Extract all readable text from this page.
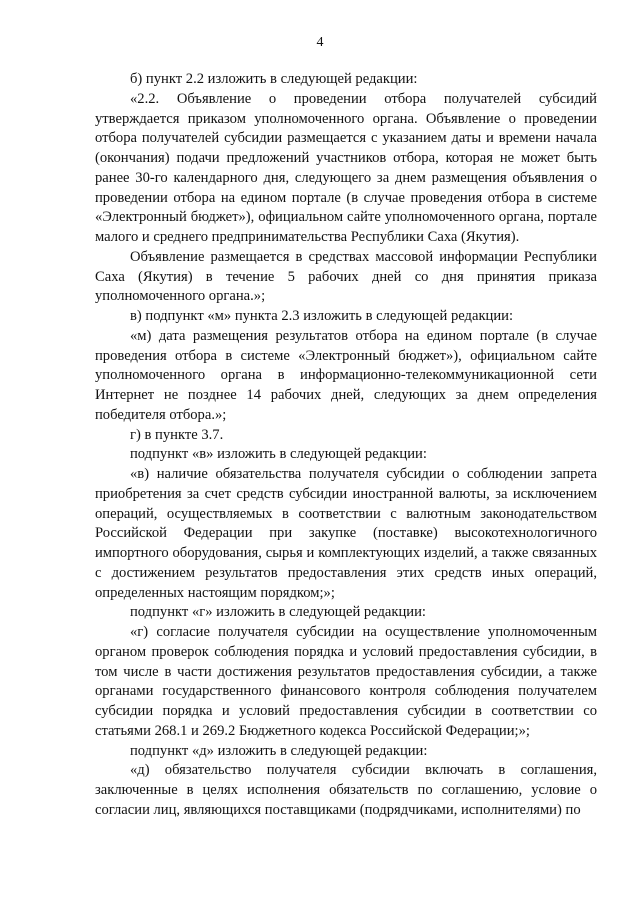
4

б) пункт 2.2 изложить в следующей редакции:

«2.2. Объявление о проведении отбора получателей субсидий утверждается приказом уполномоченного органа. Объявление о проведении отбора получателей субсидии размещается с указанием даты и времени начала (окончания) подачи предложений участников отбора, которая не может быть ранее 30-го календарного дня, следующего за днем размещения объявления о проведении отбора на едином портале (в случае проведения отбора в системе «Электронный бюджет»), официальном сайте уполномоченного органа, портале малого и среднего предпринимательства Республики Саха (Якутия).

Объявление размещается в средствах массовой информации Республики Саха (Якутия) в течение 5 рабочих дней со дня принятия приказа уполномоченного органа.»;

в) подпункт «м» пункта 2.3 изложить в следующей редакции:

«м) дата размещения результатов отбора на едином портале (в случае проведения отбора в системе «Электронный бюджет»), официальном сайте уполномоченного органа в информационно-телекоммуникационной сети Интернет не позднее 14 рабочих дней, следующих за днем определения победителя отбора.»;

г) в пункте 3.7.

подпункт «в» изложить в следующей редакции:

«в) наличие обязательства получателя субсидии о соблюдении запрета приобретения за счет средств субсидии иностранной валюты, за исключением операций, осуществляемых в соответствии с валютным законодательством Российской Федерации при закупке (поставке) высокотехнологичного импортного оборудования, сырья и комплектующих изделий, а также связанных с достижением результатов предоставления этих средств иных операций, определенных настоящим порядком;»;

подпункт «г» изложить в следующей редакции:

«г) согласие получателя субсидии на осуществление уполномоченным органом проверок соблюдения порядка и условий предоставления субсидии, в том числе в части достижения результатов предоставления субсидии, а также органами государственного финансового контроля соблюдения получателем субсидии порядка и условий предоставления субсидии в соответствии со статьями 268.1 и 269.2 Бюджетного кодекса Российской Федерации;»;

подпункт «д» изложить в следующей редакции:

«д) обязательство получателя субсидии включать в соглашения, заключенные в целях исполнения обязательств по соглашению, условие о согласии лиц, являющихся поставщиками (подрядчиками, исполнителями) по
